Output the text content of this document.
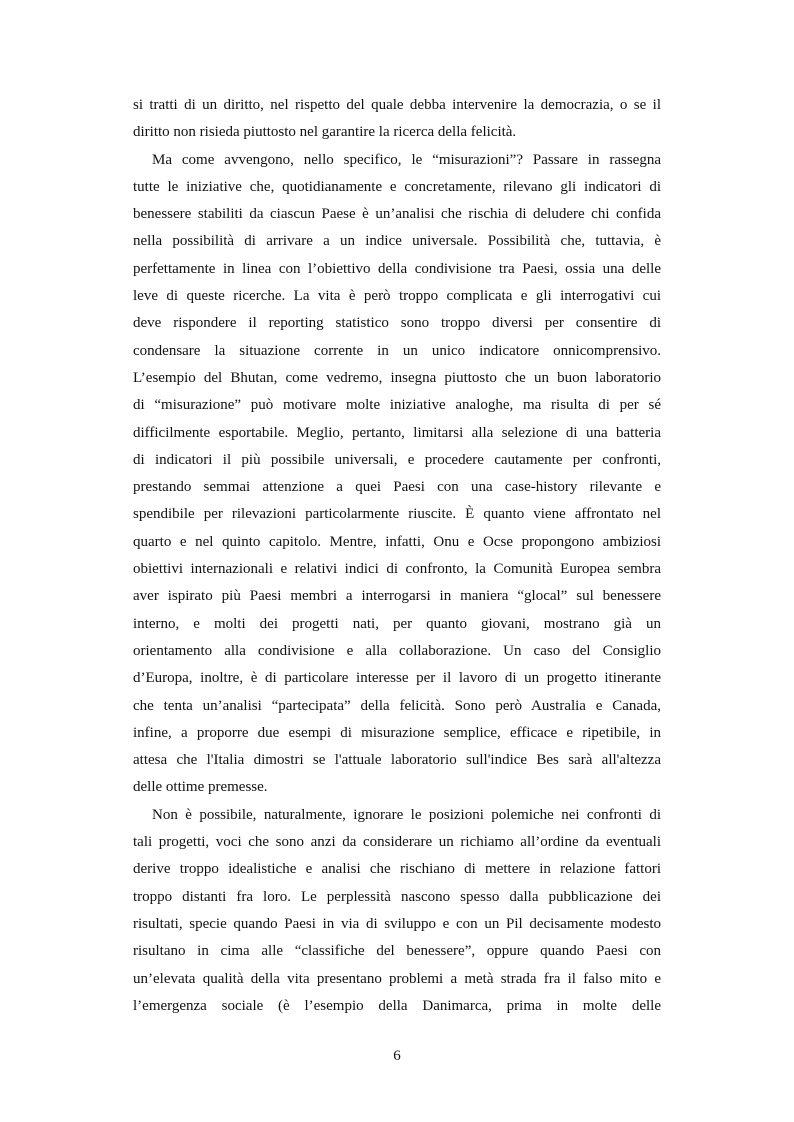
si tratti di un diritto, nel rispetto del quale debba intervenire la democrazia, o se il
diritto non risieda piuttosto nel garantire la ricerca della felicità.
Ma come avvengono, nello specifico, le “misurazioni”? Passare in rassegna
tutte le iniziative che, quotidianamente e concretamente, rilevano gli indicatori di
benessere stabiliti da ciascun Paese è un’analisi che rischia di deludere chi confida
nella possibilità di arrivare a un indice universale. Possibilità che, tuttavia, è
perfettamente in linea con l’obiettivo della condivisione tra Paesi, ossia una delle
leve di queste ricerche. La vita è però troppo complicata e gli interrogativi cui
deve rispondere il reporting statistico sono troppo diversi per consentire di
condensare la situazione corrente in un unico indicatore onnicomprensivo.
L’esempio del Bhutan, come vedremo, insegna piuttosto che un buon laboratorio
di “misurazione” può motivare molte iniziative analoghe, ma risulta di per sé
difficilmente esportabile. Meglio, pertanto, limitarsi alla selezione di una batteria
di indicatori il più possibile universali, e procedere cautamente per confronti,
prestando semmai attenzione a quei Paesi con una case-history rilevante e
spendibile per rilevazioni particolarmente riuscite. È quanto viene affrontato nel
quarto e nel quinto capitolo. Mentre, infatti, Onu e Ocse propongono ambiziosi
obiettivi internazionali e relativi indici di confronto, la Comunità Europea sembra
aver ispirato più Paesi membri a interrogarsi in maniera “glocal” sul benessere
interno, e molti dei progetti nati, per quanto giovani, mostrano già un
orientamento alla condivisione e alla collaborazione. Un caso del Consiglio
d’Europa, inoltre, è di particolare interesse per il lavoro di un progetto itinerante
che tenta un’analisi “partecipata” della felicità. Sono però Australia e Canada,
infine, a proporre due esempi di misurazione semplice, efficace e ripetibile, in
attesa che l'Italia dimostri se l'attuale laboratorio sull'indice Bes sarà all'altezza
delle ottime premesse.
Non è possibile, naturalmente, ignorare le posizioni polemiche nei confronti di
tali progetti, voci che sono anzi da considerare un richiamo all’ordine da eventuali
derive troppo idealistiche e analisi che rischiano di mettere in relazione fattori
troppo distanti fra loro. Le perplessità nascono spesso dalla pubblicazione dei
risultati, specie quando Paesi in via di sviluppo e con un Pil decisamente modesto
risultano in cima alle “classifiche del benessere”, oppure quando Paesi con
un’elevata qualità della vita presentano problemi a metà strada fra il falso mito e
l’emergenza sociale (è l’esempio della Danimarca, prima in molte delle
6
